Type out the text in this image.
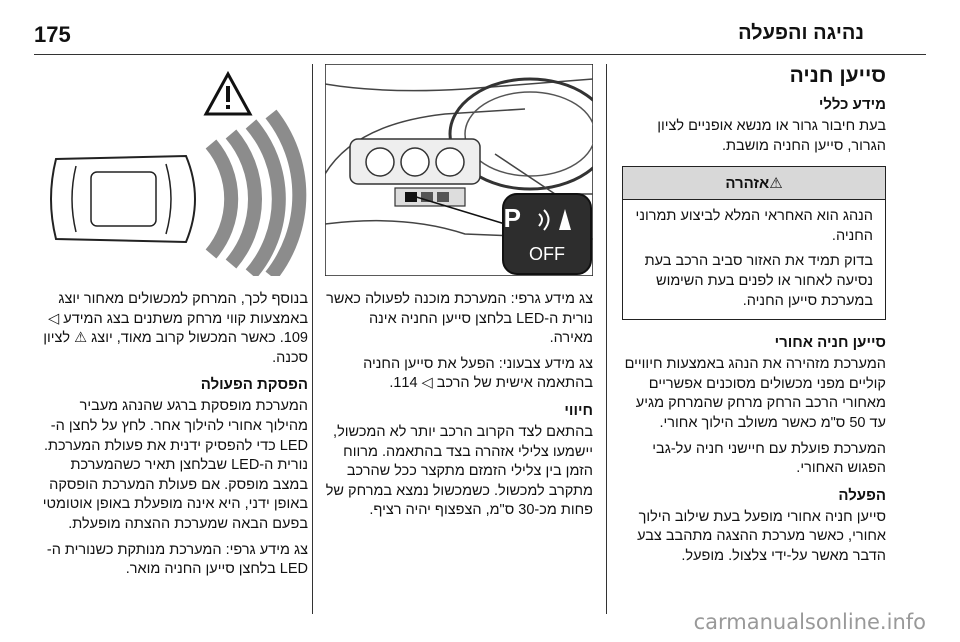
175	נהיגה והפעלה
סייען חניה
מידע כללי

בעת חיבור גרור או מנשא אופניים לציון הגרור, סייען החניה מושבת.

⚠אזהרה

הנהג הוא האחראי המלא לביצוע תמרוני החניה.

בדוק תמיד את האזור סביב הרכב בעת נסיעה לאחור או לפנים בעת השימוש במערכת סייען החניה.

סייען חניה אחורי

המערכת מזהירה את הנהג באמצעות חיוויים קוליים מפני מכשולים מסוכנים אפשריים מאחורי הרכב הרחק מרחק שהמרחק מגיע עד 50 ס"מ כאשר משולב הילוך אחורי.

המערכת פועלת עם חיישני חניה על-גבי הפגוש האחורי.

הפעלה

סייען חניה אחורי מופעל בעת שילוב הילוך אחורי, כאשר מערכת ההצגה מתהבב צבע הדבר מאשר על-ידי צלצול. מופעל.

P
OFF

צג מידע גרפי: המערכת מוכנה לפעולה כאשר נורית ה-LED בלחצן סייען החניה אינה מאירה.

צג מידע צבעוני: הפעל את סייען החניה בהתאמה אישית של הרכב ◁ 114.

חיווי

בהתאם לצד הקרוב הרכב יותר לא המכשול, יישמעו צלילי אזהרה בצד בהתאמה. מרווח הזמן בין צלילי הזמזם מתקצר ככל שהרכב מתקרב למכשול. כשמכשול נמצא במרחק של פחות מכ-30 ס"מ, הצפצוף יהיה רציף.

בנוסף לכך, המרחק למכשולים מאחור יוצג באמצעות קווי מרחק משתנים בצג המידע ◁ 109. כאשר המכשול קרוב מאוד, יוצג ⚠ לציון סכנה.

הפסקת הפעולה

המערכת מופסקת ברגע שהנהג מעביר מהילוך אחורי להילוך אחר. לחץ על לחצן ה-LED כדי להפסיק ידנית את פעולת המערכת. נורית ה-LED שבלחצן תאיר כשהמערכת במצב מופסק. אם פעולת המערכת הופסקה באופן ידני, היא אינה מופעלת באופן אוטומטי בפעם הבאה שמערכת ההצתה מופעלת.

צג מידע גרפי: המערכת מנותקת כשנורית ה-LED בלחצן סייען החניה מואר.

carmanualsonline.info
